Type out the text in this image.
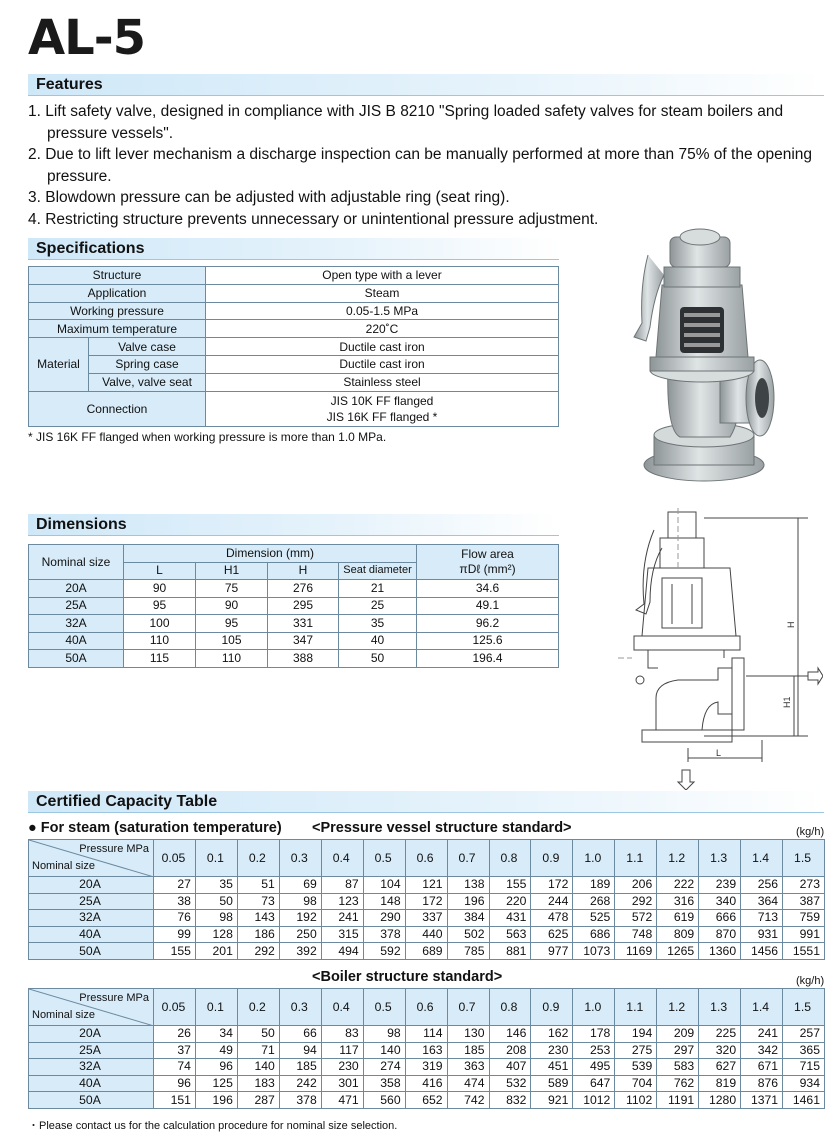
AL-5
Features
1. Lift safety valve, designed in compliance with JIS B 8210 "Spring loaded safety valves for steam boilers and pressure vessels".
2. Due to lift lever mechanism a discharge inspection can be manually performed at more than 75% of the opening pressure.
3. Blowdown pressure can be adjusted with adjustable ring (seat ring).
4. Restricting structure prevents unnecessary or unintentional pressure adjustment.
Specifications
Structure		Open type with a lever
Application		Steam
Working pressure		0.05-1.5 MPa
Maximum temperature		220˚C
Material	Valve case	Ductile cast iron
	Spring case	Ductile cast iron
	Valve, valve seat	Stainless steel
Connection		JIS 10K FF flanged
JIS 16K FF flanged *
* JIS 16K FF flanged when working pressure is more than 1.0 MPa.
Dimensions
Nominal size	Dimension (mm)				Flow area
πDℓ (mm²)

	L	H1	H	Seat diameter	
20A	90	75	276	21	34.6
25A	95	90	295	25	49.1
32A	100	95	331	35	96.2
40A	110	105	347	40	125.6
50A	115	110	388	50	196.4
H
H1
L
Certified Capacity Table
● For steam (saturation temperature) <Pressure vessel structure standard>	(kg/h)
Pressure MPa
Nominal size	0.05	0.1	0.2	0.3	0.4	0.5	0.6	0.7	0.8	0.9	1.0	1.1	1.2	1.3	1.4	1.5
20A	27	35	51	69	87	104	121	138	155	172	189	206	222	239	256	273
25A	38	50	73	98	123	148	172	196	220	244	268	292	316	340	364	387
32A	76	98	143	192	241	290	337	384	431	478	525	572	619	666	713	759
40A	99	128	186	250	315	378	440	502	563	625	686	748	809	870	931	991
50A	155	201	292	392	494	592	689	785	881	977	1073	1169	1265	1360	1456	1551
<Boiler structure standard>	(kg/h)
Pressure MPa
Nominal size	0.05	0.1	0.2	0.3	0.4	0.5	0.6	0.7	0.8	0.9	1.0	1.1	1.2	1.3	1.4	1.5
20A	26	34	50	66	83	98	114	130	146	162	178	194	209	225	241	257
25A	37	49	71	94	117	140	163	185	208	230	253	275	297	320	342	365
32A	74	96	140	185	230	274	319	363	407	451	495	539	583	627	671	715
40A	96	125	183	242	301	358	416	474	532	589	647	704	762	819	876	934
50A	151	196	287	378	471	560	652	742	832	921	1012	1102	1191	1280	1371	1461
・Please contact us for the calculation procedure for nominal size selection.
